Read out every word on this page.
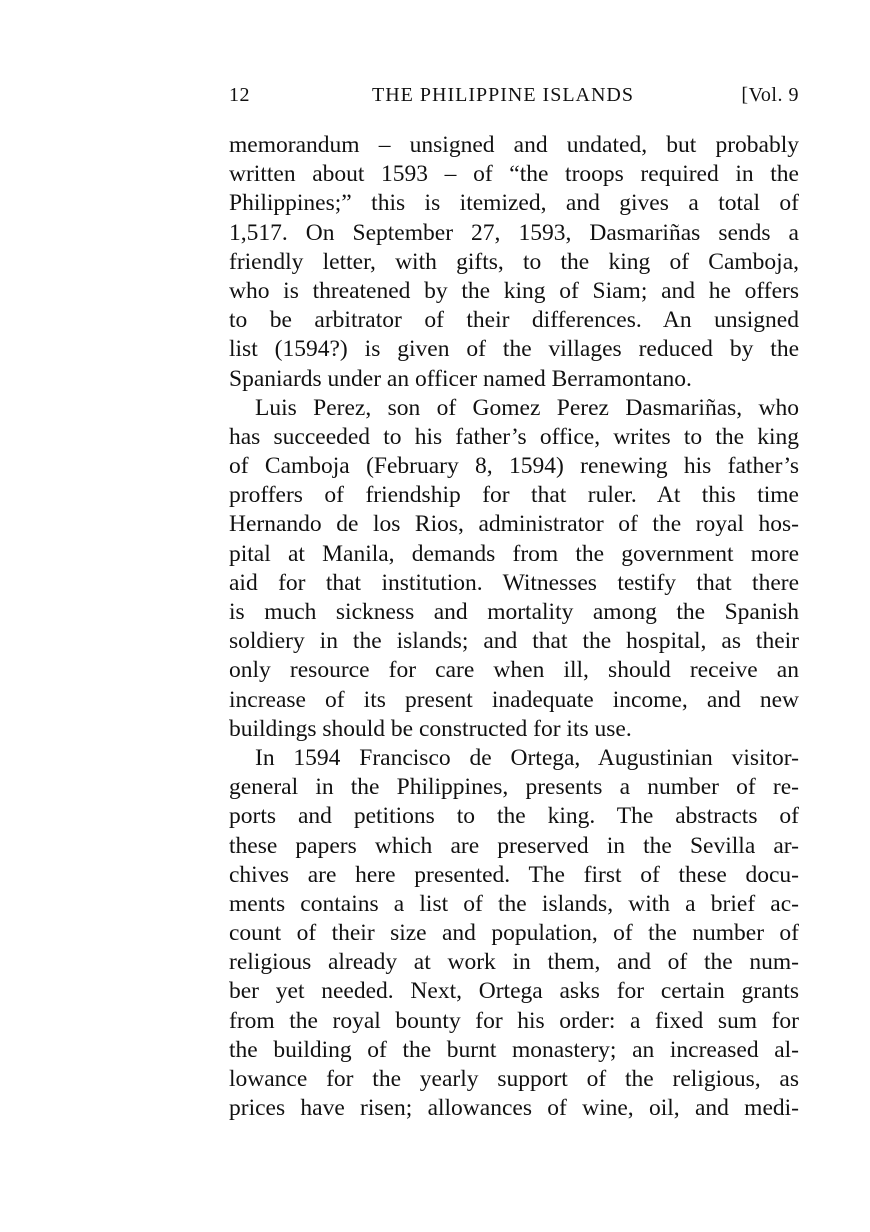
12	THE PHILIPPINE ISLANDS	[Vol. 9
memorandum – unsigned and undated, but probably
written about 1593 – of “the troops required in the
Philippines;” this is itemized, and gives a total of
1,517. On September 27, 1593, Dasmariñas sends a
friendly letter, with gifts, to the king of Camboja,
who is threatened by the king of Siam; and he offers
to be arbitrator of their differences. An unsigned
list (1594?) is given of the villages reduced by the
Spaniards under an officer named Berramontano.
Luis Perez, son of Gomez Perez Dasmariñas, who
has succeeded to his father’s office, writes to the king
of Camboja (February 8, 1594) renewing his father’s
proffers of friendship for that ruler. At this time
Hernando de los Rios, administrator of the royal hos-
pital at Manila, demands from the government more
aid for that institution. Witnesses testify that there
is much sickness and mortality among the Spanish
soldiery in the islands; and that the hospital, as their
only resource for care when ill, should receive an
increase of its present inadequate income, and new
buildings should be constructed for its use.
In 1594 Francisco de Ortega, Augustinian visitor-
general in the Philippines, presents a number of re-
ports and petitions to the king. The abstracts of
these papers which are preserved in the Sevilla ar-
chives are here presented. The first of these docu-
ments contains a list of the islands, with a brief ac-
count of their size and population, of the number of
religious already at work in them, and of the num-
ber yet needed. Next, Ortega asks for certain grants
from the royal bounty for his order: a fixed sum for
the building of the burnt monastery; an increased al-
lowance for the yearly support of the religious, as
prices have risen; allowances of wine, oil, and medi-
